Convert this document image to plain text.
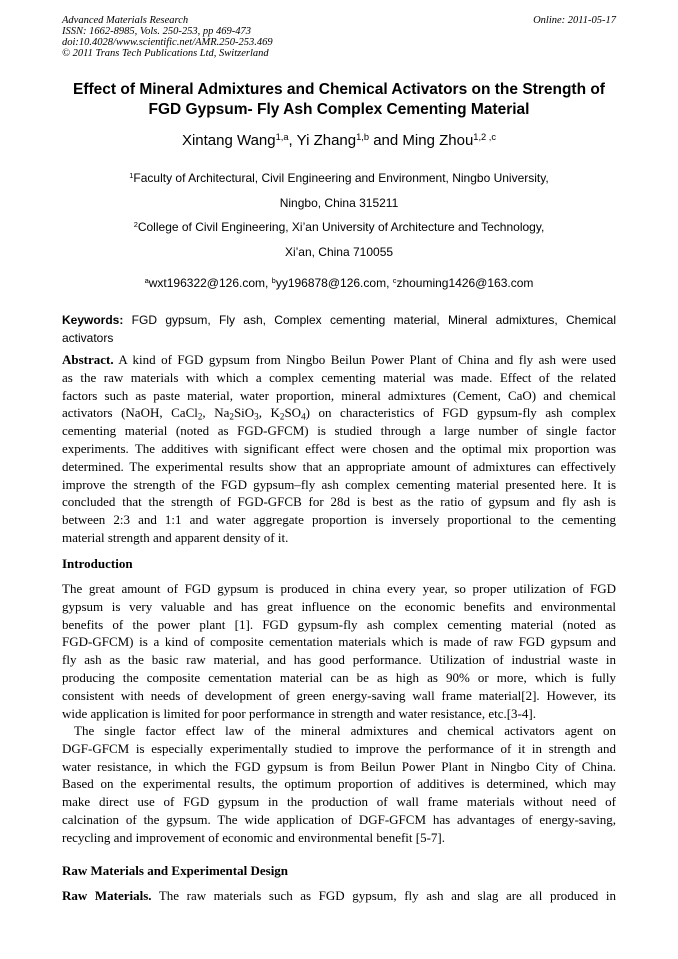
Advanced Materials Research
ISSN: 1662-8985, Vols. 250-253, pp 469-473
doi:10.4028/www.scientific.net/AMR.250-253.469
© 2011 Trans Tech Publications Ltd, Switzerland
Online: 2011-05-17
Effect of Mineral Admixtures and Chemical Activators on the Strength of
FGD Gypsum- Fly Ash Complex Cementing Material
Xintang Wang$^{1,a}$, Yi Zhang$^{1,b}$ and Ming Zhou$^{1,2 ,c}$
$^1$Faculty of Architectural, Civil Engineering and Environment, Ningbo University,
Ningbo, China 315211
$^2$College of Civil Engineering, Xi’an University of Architecture and Technology,
Xi’an, China 710055
$^a$wxt196322@126.com, $^b$yy196878@126.com, $^c$zhouming1426@163.com
Keywords: FGD gypsum, Fly ash, Complex cementing material, Mineral admixtures, Chemical
activators
Abstract. A kind of FGD gypsum from Ningbo Beilun Power Plant of China and fly ash were used
as the raw materials with which a complex cementing material was made. Effect of the related
factors such as paste material, water proportion, mineral admixtures (Cement, CaO) and chemical
activators (NaOH, CaCl$_2$, $Na_2SiO_3$, $K_2SO_4$) on characteristics of FGD gypsum-fly ash complex
cementing material (noted as FGD-GFCM) is studied through a large number of single factor
experiments. The additives with significant effect were chosen and the optimal mix proportion was
determined. The experimental results show that an appropriate amount of admixtures can effectively
improve the strength of the FGD gypsum–fly ash complex cementing material presented here. It is
concluded that the strength of FGD-GFCB for 28d is best as the ratio of gypsum and fly ash is
between 2:3 and 1:1 and water aggregate proportion is inversely proportional to the cementing
material strength and apparent density of it.
Introduction
The great amount of FGD gypsum is produced in china every year, so proper utilization of FGD
gypsum is very valuable and has great influence on the economic benefits and environmental
benefits of the power plant [1]. FGD gypsum-fly ash complex cementing material (noted as
FGD-GFCM) is a kind of composite cementation materials which is made of raw FGD gypsum and
fly ash as the basic raw material, and has good performance. Utilization of industrial waste in
producing the composite cementation material can be as high as 90% or more, which is fully
consistent with needs of development of green energy-saving wall frame material[2]. However, its
wide application is limited for poor performance in strength and water resistance, etc.[3-4].
The single factor effect law of the mineral admixtures and chemical activators agent on
DGF-GFCM is especially experimentally studied to improve the performance of it in strength and
water resistance, in which the FGD gypsum is from Beilun Power Plant in Ningbo City of China.
Based on the experimental results, the optimum proportion of additives is determined, which may
make direct use of FGD gypsum in the production of wall frame materials without need of
calcination of the gypsum. The wide application of DGF-GFCM has advantages of energy-saving,
recycling and improvement of economic and environmental benefit [5-7].
Raw Materials and Experimental Design
Raw Materials. The raw materials such as FGD gypsum, fly ash and slag are all produced in
